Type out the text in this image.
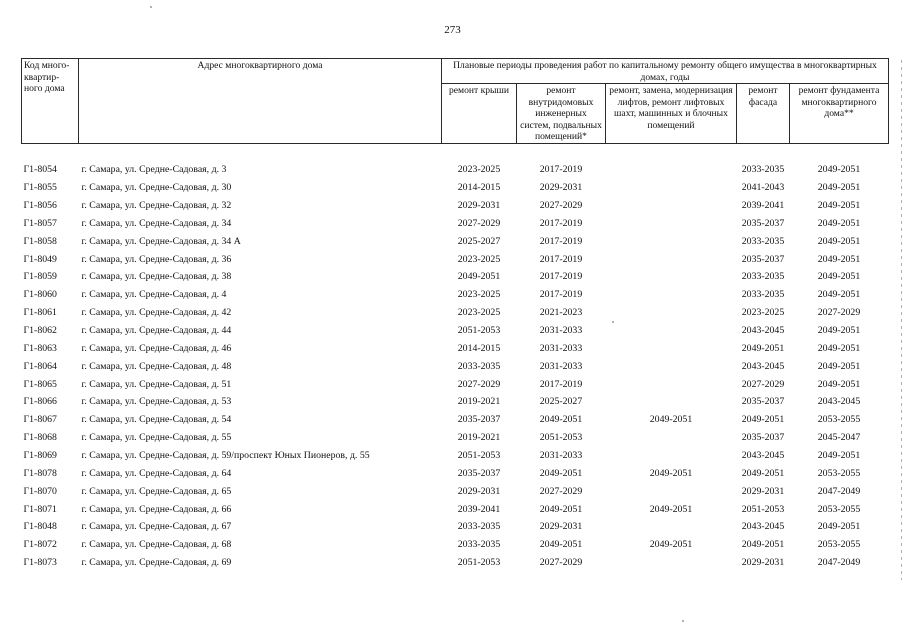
273
Код много-квартир-ного дома	Адрес многоквартирного дома	Плановые периоды проведения работ по капитальному ремонту общего имущества в многоквартирных домах, годы				
		ремонт крыши	ремонт внутридомовых инженерных систем, подвальных помещений*	ремонт, замена, модернизация лифтов, ремонт лифтовых шахт, машинных и блочных помещений	ремонт фасада	ремонт фундамента многоквартирного дома**

Г1-8054	г. Самара, ул. Средне-Садовая, д. 3	2023-2025	2017-2019		2033-2035	2049-2051
Г1-8055	г. Самара, ул. Средне-Садовая, д. 30	2014-2015	2029-2031		2041-2043	2049-2051
Г1-8056	г. Самара, ул. Средне-Садовая, д. 32	2029-2031	2027-2029		2039-2041	2049-2051
Г1-8057	г. Самара, ул. Средне-Садовая, д. 34	2027-2029	2017-2019		2035-2037	2049-2051
Г1-8058	г. Самара, ул. Средне-Садовая, д. 34 А	2025-2027	2017-2019		2033-2035	2049-2051
Г1-8049	г. Самара, ул. Средне-Садовая, д. 36	2023-2025	2017-2019		2035-2037	2049-2051
Г1-8059	г. Самара, ул. Средне-Садовая, д. 38	2049-2051	2017-2019		2033-2035	2049-2051
Г1-8060	г. Самара, ул. Средне-Садовая, д. 4	2023-2025	2017-2019		2033-2035	2049-2051
Г1-8061	г. Самара, ул. Средне-Садовая, д. 42	2023-2025	2021-2023		2023-2025	2027-2029
Г1-8062	г. Самара, ул. Средне-Садовая, д. 44	2051-2053	2031-2033		2043-2045	2049-2051
Г1-8063	г. Самара, ул. Средне-Садовая, д. 46	2014-2015	2031-2033		2049-2051	2049-2051
Г1-8064	г. Самара, ул. Средне-Садовая, д. 48	2033-2035	2031-2033		2043-2045	2049-2051
Г1-8065	г. Самара, ул. Средне-Садовая, д. 51	2027-2029	2017-2019		2027-2029	2049-2051
Г1-8066	г. Самара, ул. Средне-Садовая, д. 53	2019-2021	2025-2027		2035-2037	2043-2045
Г1-8067	г. Самара, ул. Средне-Садовая, д. 54	2035-2037	2049-2051	2049-2051	2049-2051	2053-2055
Г1-8068	г. Самара, ул. Средне-Садовая, д. 55	2019-2021	2051-2053		2035-2037	2045-2047
Г1-8069	г. Самара, ул. Средне-Садовая, д. 59/проспект Юных Пионеров, д. 55	2051-2053	2031-2033		2043-2045	2049-2051
Г1-8078	г. Самара, ул. Средне-Садовая, д. 64	2035-2037	2049-2051	2049-2051	2049-2051	2053-2055
Г1-8070	г. Самара, ул. Средне-Садовая, д. 65	2029-2031	2027-2029		2029-2031	2047-2049
Г1-8071	г. Самара, ул. Средне-Садовая, д. 66	2039-2041	2049-2051	2049-2051	2051-2053	2053-2055
Г1-8048	г. Самара, ул. Средне-Садовая, д. 67	2033-2035	2029-2031		2043-2045	2049-2051
Г1-8072	г. Самара, ул. Средне-Садовая, д. 68	2033-2035	2049-2051	2049-2051	2049-2051	2053-2055
Г1-8073	г. Самара, ул. Средне-Садовая, д. 69	2051-2053	2027-2029		2029-2031	2047-2049
